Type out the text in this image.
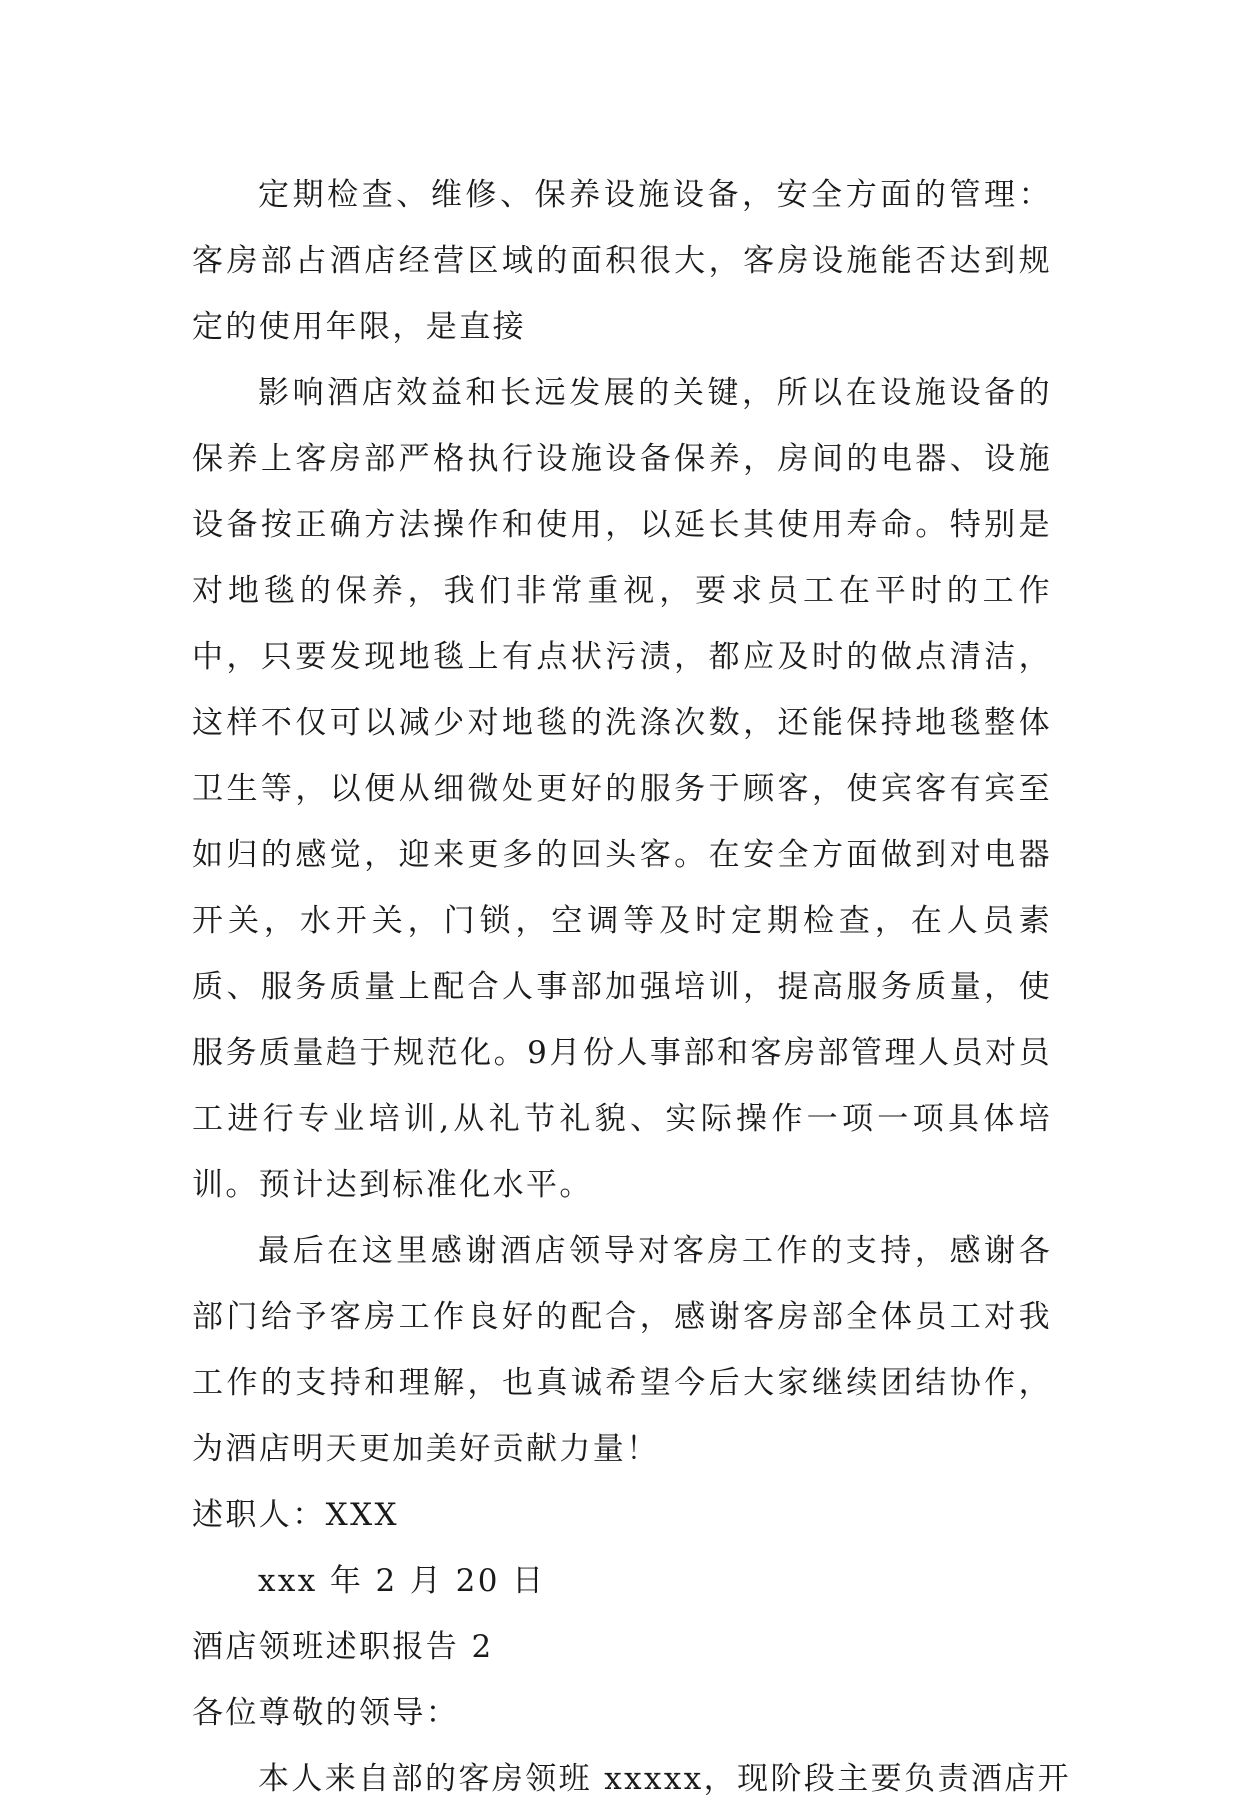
定期检查、维修、保养设施设备，安全方面的管理：客房部占酒店经营区域的面积很大，客房设施能否达到规定的使用年限，是直接

影响酒店效益和长远发展的关键，所以在设施设备的保养上客房部严格执行设施设备保养，房间的电器、设施设备按正确方法操作和使用，以延长其使用寿命。特别是对地毯的保养，我们非常重视，要求员工在平时的工作中，只要发现地毯上有点状污渍，都应及时的做点清洁，这样不仅可以减少对地毯的洗涤次数，还能保持地毯整体卫生等，以便从细微处更好的服务于顾客，使宾客有宾至如归的感觉，迎来更多的回头客。在安全方面做到对电器开关，水开关，门锁，空调等及时定期检查，在人员素质、服务质量上配合人事部加强培训，提高服务质量，使服务质量趋于规范化。9月份人事部和客房部管理人员对员工进行专业培训,从礼节礼貌、实际操作一项一项具体培训。预计达到标准化水平。

最后在这里感谢酒店领导对客房工作的支持，感谢各部门给予客房工作良好的配合，感谢客房部全体员工对我工作的支持和理解，也真诚希望今后大家继续团结协作，为酒店明天更加美好贡献力量！

述职人：XXX

xxx 年 2 月 20 日

酒店领班述职报告 2

各位尊敬的领导：

本人来自部的客房领班 xxxxx，现阶段主要负责酒店开
